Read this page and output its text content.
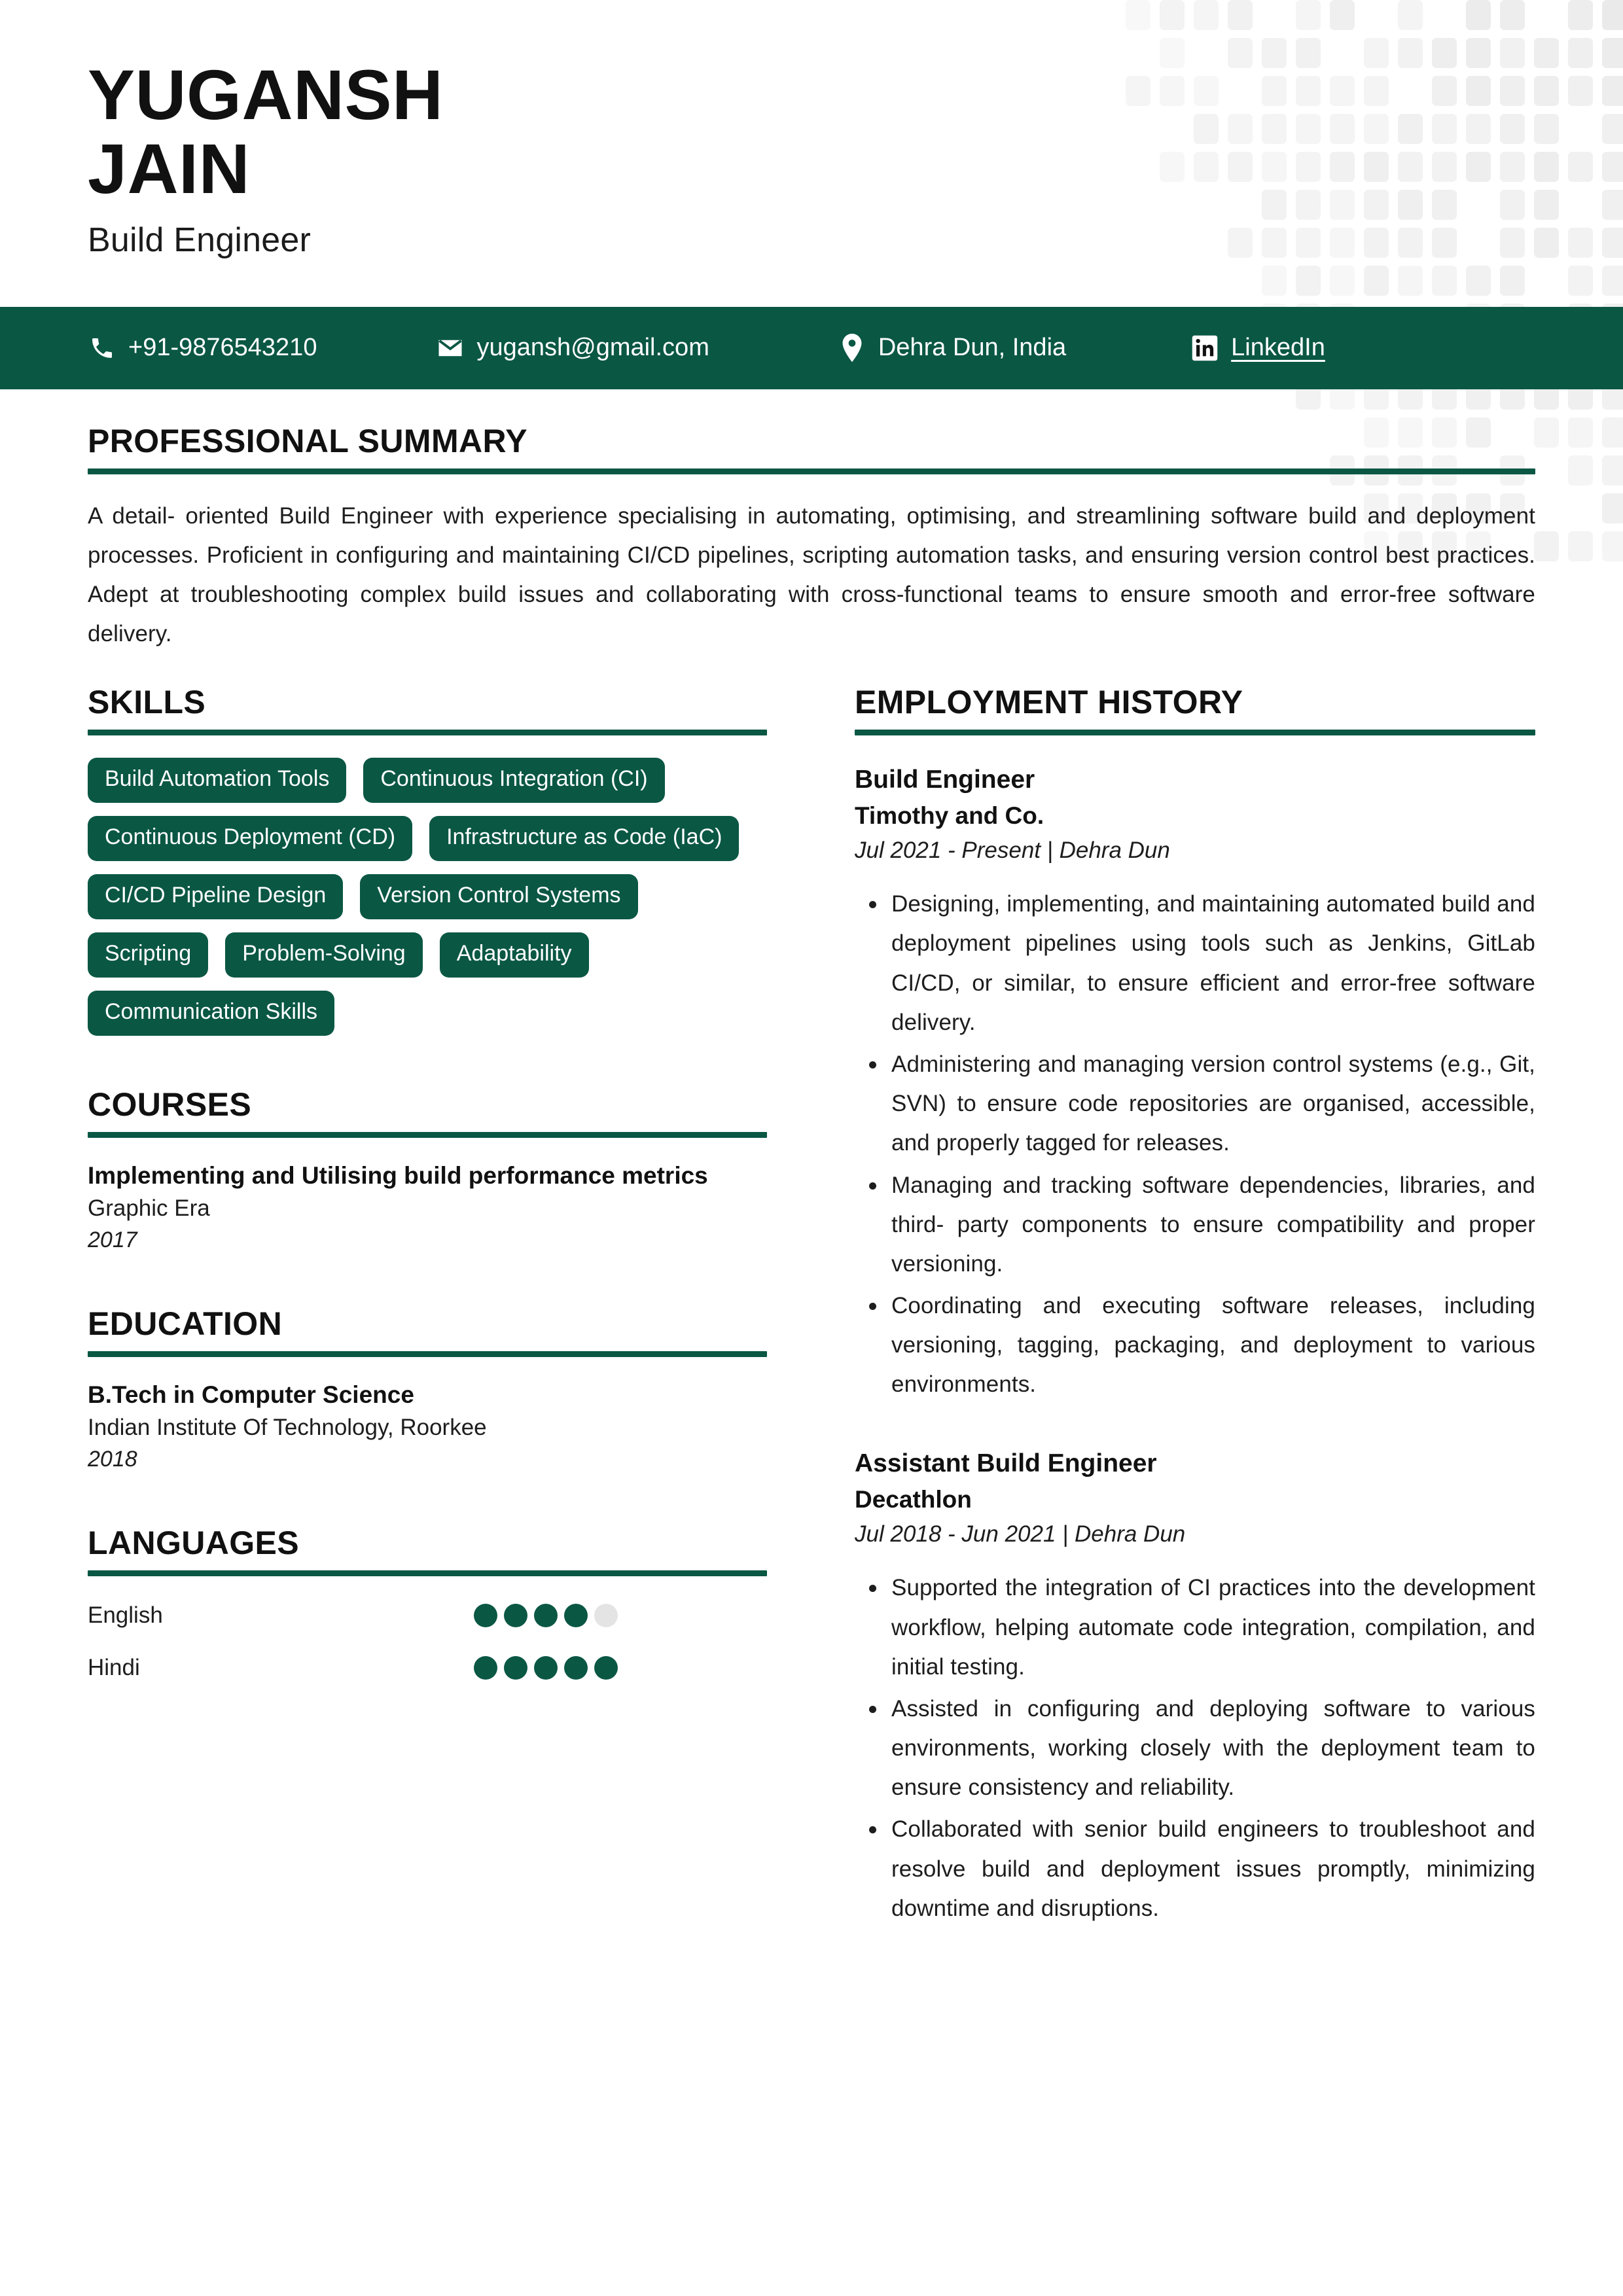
YUGANSH
JAIN
Build Engineer
+91-9876543210	yugansh@gmail.com	Dehra Dun, India	LinkedIn
PROFESSIONAL SUMMARY
A detail- oriented Build Engineer with experience specialising in automating, optimising, and streamlining software build and deployment processes. Proficient in configuring and maintaining CI/CD pipelines, scripting automation tasks, and ensuring version control best practices. Adept at troubleshooting complex build issues and collaborating with cross-functional teams to ensure smooth and error-free software delivery.
SKILLS
Build Automation Tools	Continuous Integration (CI)
Continuous Deployment (CD)	Infrastructure as Code (IaC)
CI/CD Pipeline Design	Version Control Systems
Scripting	Problem-Solving	Adaptability
Communication Skills
COURSES
Implementing and Utilising build performance metrics
Graphic Era
2017
EDUCATION
B.Tech in Computer Science
Indian Institute Of Technology, Roorkee
2018
LANGUAGES
English
Hindi
EMPLOYMENT HISTORY
Build Engineer
Timothy and Co.
Jul 2021 - Present | Dehra Dun
Designing, implementing, and maintaining automated build and deployment pipelines using tools such as Jenkins, GitLab CI/CD, or similar, to ensure efficient and error-free software delivery.
Administering and managing version control systems (e.g., Git, SVN) to ensure code repositories are organised, accessible, and properly tagged for releases.
Managing and tracking software dependencies, libraries, and third- party components to ensure compatibility and proper versioning.
Coordinating and executing software releases, including versioning, tagging, packaging, and deployment to various environments.
Assistant Build Engineer
Decathlon
Jul 2018 - Jun 2021 | Dehra Dun
Supported the integration of CI practices into the development workflow, helping automate code integration, compilation, and initial testing.
Assisted in configuring and deploying software to various environments, working closely with the deployment team to ensure consistency and reliability.
Collaborated with senior build engineers to troubleshoot and resolve build and deployment issues promptly, minimizing downtime and disruptions.
